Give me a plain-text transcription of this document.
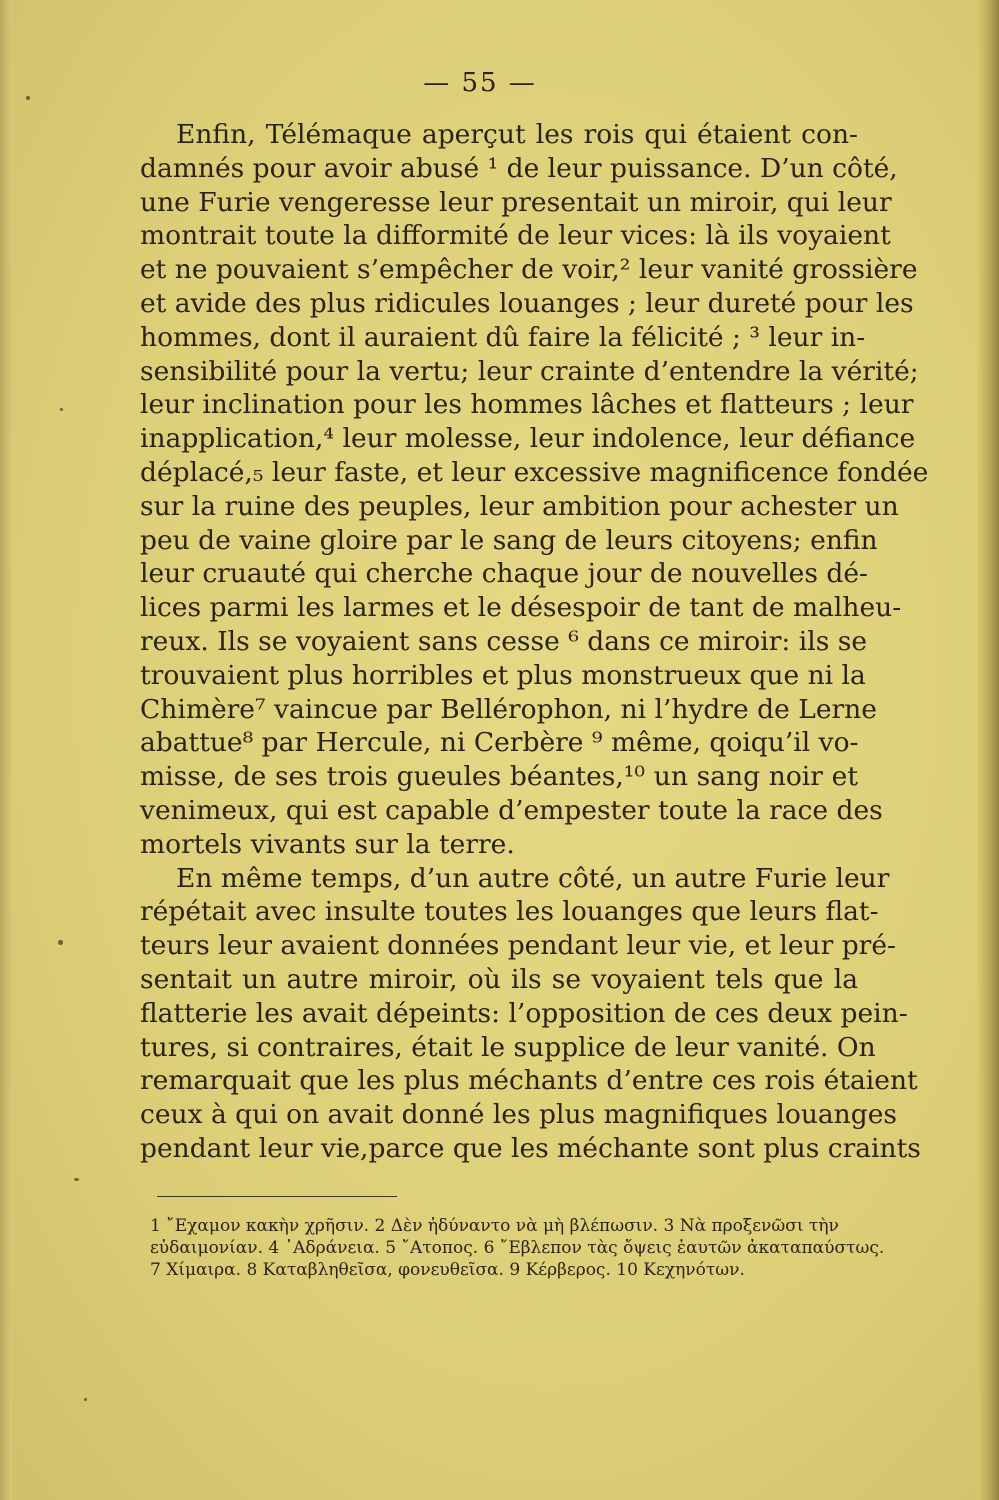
— 55 —

Enfin, Télémaque aperçut les rois qui étaient con-
damnés pour avoir abusé ¹ de leur puissance. D’un côté,
une Furie vengeresse leur presentait un miroir, qui leur
montrait toute la difformité de leur vices: là ils voyaient
et ne pouvaient s’empêcher de voir,² leur vanité grossière
et avide des plus ridicules louanges ; leur dureté pour les
hommes, dont il auraient dû faire la félicité ; ³ leur in-
sensibilité pour la vertu; leur crainte d’entendre la vérité;
leur inclination pour les hommes lâches et flatteurs ; leur
inapplication,⁴ leur molesse, leur indolence, leur défiance
déplacé,₅ leur faste, et leur excessive magnificence fondée
sur la ruine des peuples, leur ambition pour achester un
peu de vaine gloire par le sang de leurs citoyens; enfin
leur cruauté qui cherche chaque jour de nouvelles dé-
lices parmi les larmes et le désespoir de tant de malheu-
reux. Ils se voyaient sans cesse ⁶ dans ce miroir: ils se
trouvaient plus horribles et plus monstrueux que ni la
Chimère⁷ vaincue par Bellérophon, ni l’hydre de Lerne
abattue⁸ par Hercule, ni Cerbère ⁹ même, qoiqu’il vo-
misse, de ses trois gueules béantes,¹⁰ un sang noir et
venimeux, qui est capable d’empester toute la race des
mortels vivants sur la terre.

En même temps, d’un autre côté, un autre Furie leur
répétait avec insulte toutes les louanges que leurs flat-
teurs leur avaient données pendant leur vie, et leur pré-
sentait un autre miroir, où ils se voyaient tels que la
flatterie les avait dépeints: l’opposition de ces deux pein-
tures, si contraires, était le supplice de leur vanité. On
remarquait que les plus méchants d’entre ces rois étaient
ceux à qui on avait donné les plus magnifiques louanges
pendant leur vie,parce que les méchante sont plus craints

1 ῎Εχαμον κακὴν χρῆσιν. 2 Δὲν ἠδύναντο νὰ μὴ βλέπωσιν. 3 Νὰ προξενῶσι τὴν
εὐδαιμονίαν. 4 ᾿Αδράνεια. 5 ῎Ατοπος. 6 ῎Εβλεπον τὰς ὄψεις ἑαυτῶν ἀκαταπαύστως.
7 Χίμαιρα. 8 Καταβληθεῖσα, φονευθεῖσα. 9 Κέρβερος. 10 Κεχηνότων.
